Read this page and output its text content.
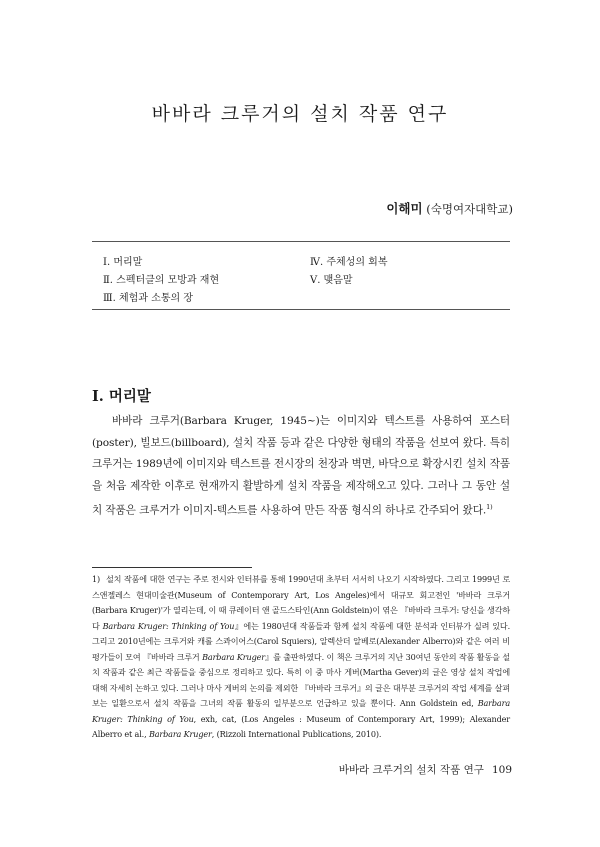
바바라 크루거의 설치 작품 연구
이해미 (숙명여자대학교)
Ⅰ. 머리말
Ⅱ. 스펙터클의 모방과 재현
Ⅲ. 체험과 소통의 장
Ⅳ. 주체성의 회복
Ⅴ. 맺음말
Ⅰ. 머리말

바바라 크루거(Barbara Kruger, 1945~)는 이미지와 텍스트를 사용하여 포스터(poster), 빌보드(billboard), 설치 작품 등과 같은 다양한 형태의 작품을 선보여 왔다. 특히 크루거는 1989년에 이미지와 텍스트를 전시장의 천장과 벽면, 바닥으로 확장시킨 설치 작품을 처음 제작한 이후로 현재까지 활발하게 설치 작품을 제작해오고 있다. 그러나 그 동안 설치 작품은 크루거가 이미지-텍스트를 사용하여 만든 작품 형식의 하나로 간주되어 왔다.$^{1)}$

1) 설치 작품에 대한 연구는 주로 전시와 인터뷰를 통해 1990년대 초부터 서서히 나오기 시작하였다. 그리고 1999년 로스앤젤레스 현대미술관(Museum of Contemporary Art, Los Angeles)에서 대규모 회고전인 '바바라 크루거(Barbara Kruger)'가 열리는데, 이 때 큐레이터 앤 골드스타인(Ann Goldstein)이 엮은 『바바라 크루거: 당신을 생각하다 Barbara Kruger: Thinking of You』에는 1980년대 작품들과 함께 설치 작품에 대한 분석과 인터뷰가 실려 있다. 그리고 2010년에는 크루거와 캐롤 스콰이어스(Carol Squiers), 알렉산더 알베로(Alexander Alberro)와 같은 여러 비평가들이 모여 『바바라 크루거 Barbara Kruger』를 출판하였다. 이 책은 크루거의 지난 30여년 동안의 작품 활동을 설치 작품과 같은 최근 작품들을 중심으로 정리하고 있다. 특히 이 중 마사 게버(Martha Gever)의 글은 영상 설치 작업에 대해 자세히 논하고 있다. 그러나 마사 게버의 논의를 제외한 『바바라 크루거』의 글은 대부분 크루거의 작업 세계를 살펴보는 일환으로서 설치 작품을 그녀의 작품 활동의 일부분으로 언급하고 있을 뿐이다. Ann Goldstein ed, Barbara Kruger: Thinking of You, exh, cat, (Los Angeles : Museum of Contemporary Art, 1999); Alexander Alberro et al., Barbara Kruger, (Rizzoli International Publications, 2010).
바바라 크루거의 설치 작품 연구 109
